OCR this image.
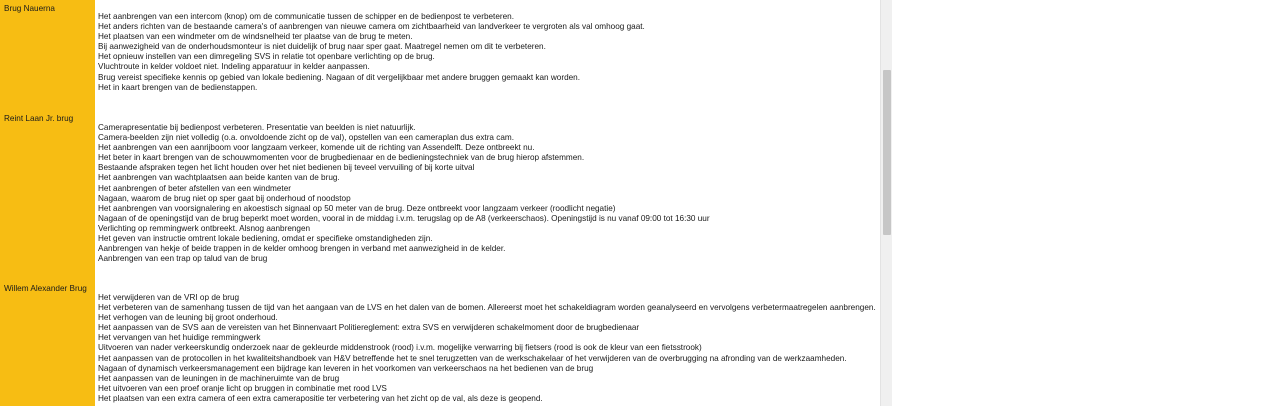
Brug Nauerna
Het aanbrengen van een intercom (knop) om de communicatie tussen de schipper en de bedienpost te verbeteren.
Het anders richten van de bestaande camera's of aanbrengen van nieuwe camera om zichtbaarheid van landverkeer te vergroten als val omhoog gaat.
Het plaatsen van een windmeter om de windsnelheid ter plaatse van de brug te meten.
Bij aanwezigheid van de onderhoudsmonteur is niet duidelijk of brug naar sper gaat. Maatregel nemen om dit te verbeteren.
Het opnieuw instellen van een dimregeling SVS in relatie tot openbare verlichting op de brug.
Vluchtroute in kelder voldoet niet. Indeling apparatuur in kelder aanpassen.
Brug vereist specifieke kennis op gebied van lokale bediening. Nagaan of dit vergelijkbaar met andere bruggen gemaakt kan worden.
Het in kaart brengen van de bedienstappen.
Reint Laan Jr. brug
Camerapresentatie bij bedienpost verbeteren. Presentatie van beelden is niet natuurlijk.
Camera-beelden zijn niet volledig (o.a. onvoldoende zicht op de val), opstellen van een cameraplan dus extra cam.
Het aanbrengen van een aanrijboom voor langzaam verkeer, komende uit de richting van Assendelft. Deze ontbreekt nu.
Het beter in kaart brengen van de schouwmomenten voor de brugbedienaar en de bedieningstechniek van de brug hierop afstemmen.
Bestaande afspraken tegen het licht houden over het niet bedienen bij teveel vervuiling of bij korte uitval
Het aanbrengen van wachtplaatsen aan beide kanten van de brug.
Het aanbrengen of beter afstellen van een windmeter
Nagaan, waarom de brug niet op sper gaat bij onderhoud of noodstop
Het aanbrengen van voorsignalering en akoestisch signaal op 50 meter van de brug. Deze ontbreekt voor langzaam verkeer (roodlicht negatie)
Nagaan of de openingstijd van de brug beperkt moet worden, vooral in de middag i.v.m. terugslag op de A8 (verkeerschaos). Openingstijd is nu vanaf 09:00 tot 16:30 uur
Verlichting op remmingwerk ontbreekt. Alsnog aanbrengen
Het geven van instructie omtrent lokale bediening, omdat er specifieke omstandigheden zijn.
Aanbrengen van hekje of beide trappen in de kelder omhoog brengen in verband met aanwezigheid in de kelder.
Aanbrengen van een trap op talud van de brug
Willem Alexander Brug
Het verwijderen van de VRI op de brug
Het verbeteren van de samenhang tussen de tijd van het aangaan van de LVS en het dalen van de bomen. Allereerst moet het schakeldiagram worden geanalyseerd en vervolgens verbetermaatregelen aanbrengen.
Het verhogen van de leuning bij groot onderhoud.
Het aanpassen van de SVS aan de vereisten van het Binnenvaart Politiereglement: extra SVS en verwijderen schakelmoment door de brugbedienaar
Het vervangen van het huidige remmingwerk
Uitvoeren van nader verkeerskundig onderzoek naar de gekleurde middenstrook (rood) i.v.m. mogelijke verwarring bij fietsers (rood is ook de kleur van een fietsstrook)
Het aanpassen van de protocollen in het kwaliteitshandboek van H&V betreffende het te snel terugzetten van de werkschakelaar of het verwijderen van de overbrugging na afronding van de werkzaamheden.
Nagaan of dynamisch verkeersmanagement een bijdrage kan leveren in het voorkomen van verkeerschaos na het bedienen van de brug
Het aanpassen van de leuningen in de machineruimte van de brug
Het uitvoeren van een proef oranje licht op bruggen in combinatie met rood LVS
Het plaatsen van een extra camera of een extra camerapositie ter verbetering van het zicht op de val, als deze is geopend.
